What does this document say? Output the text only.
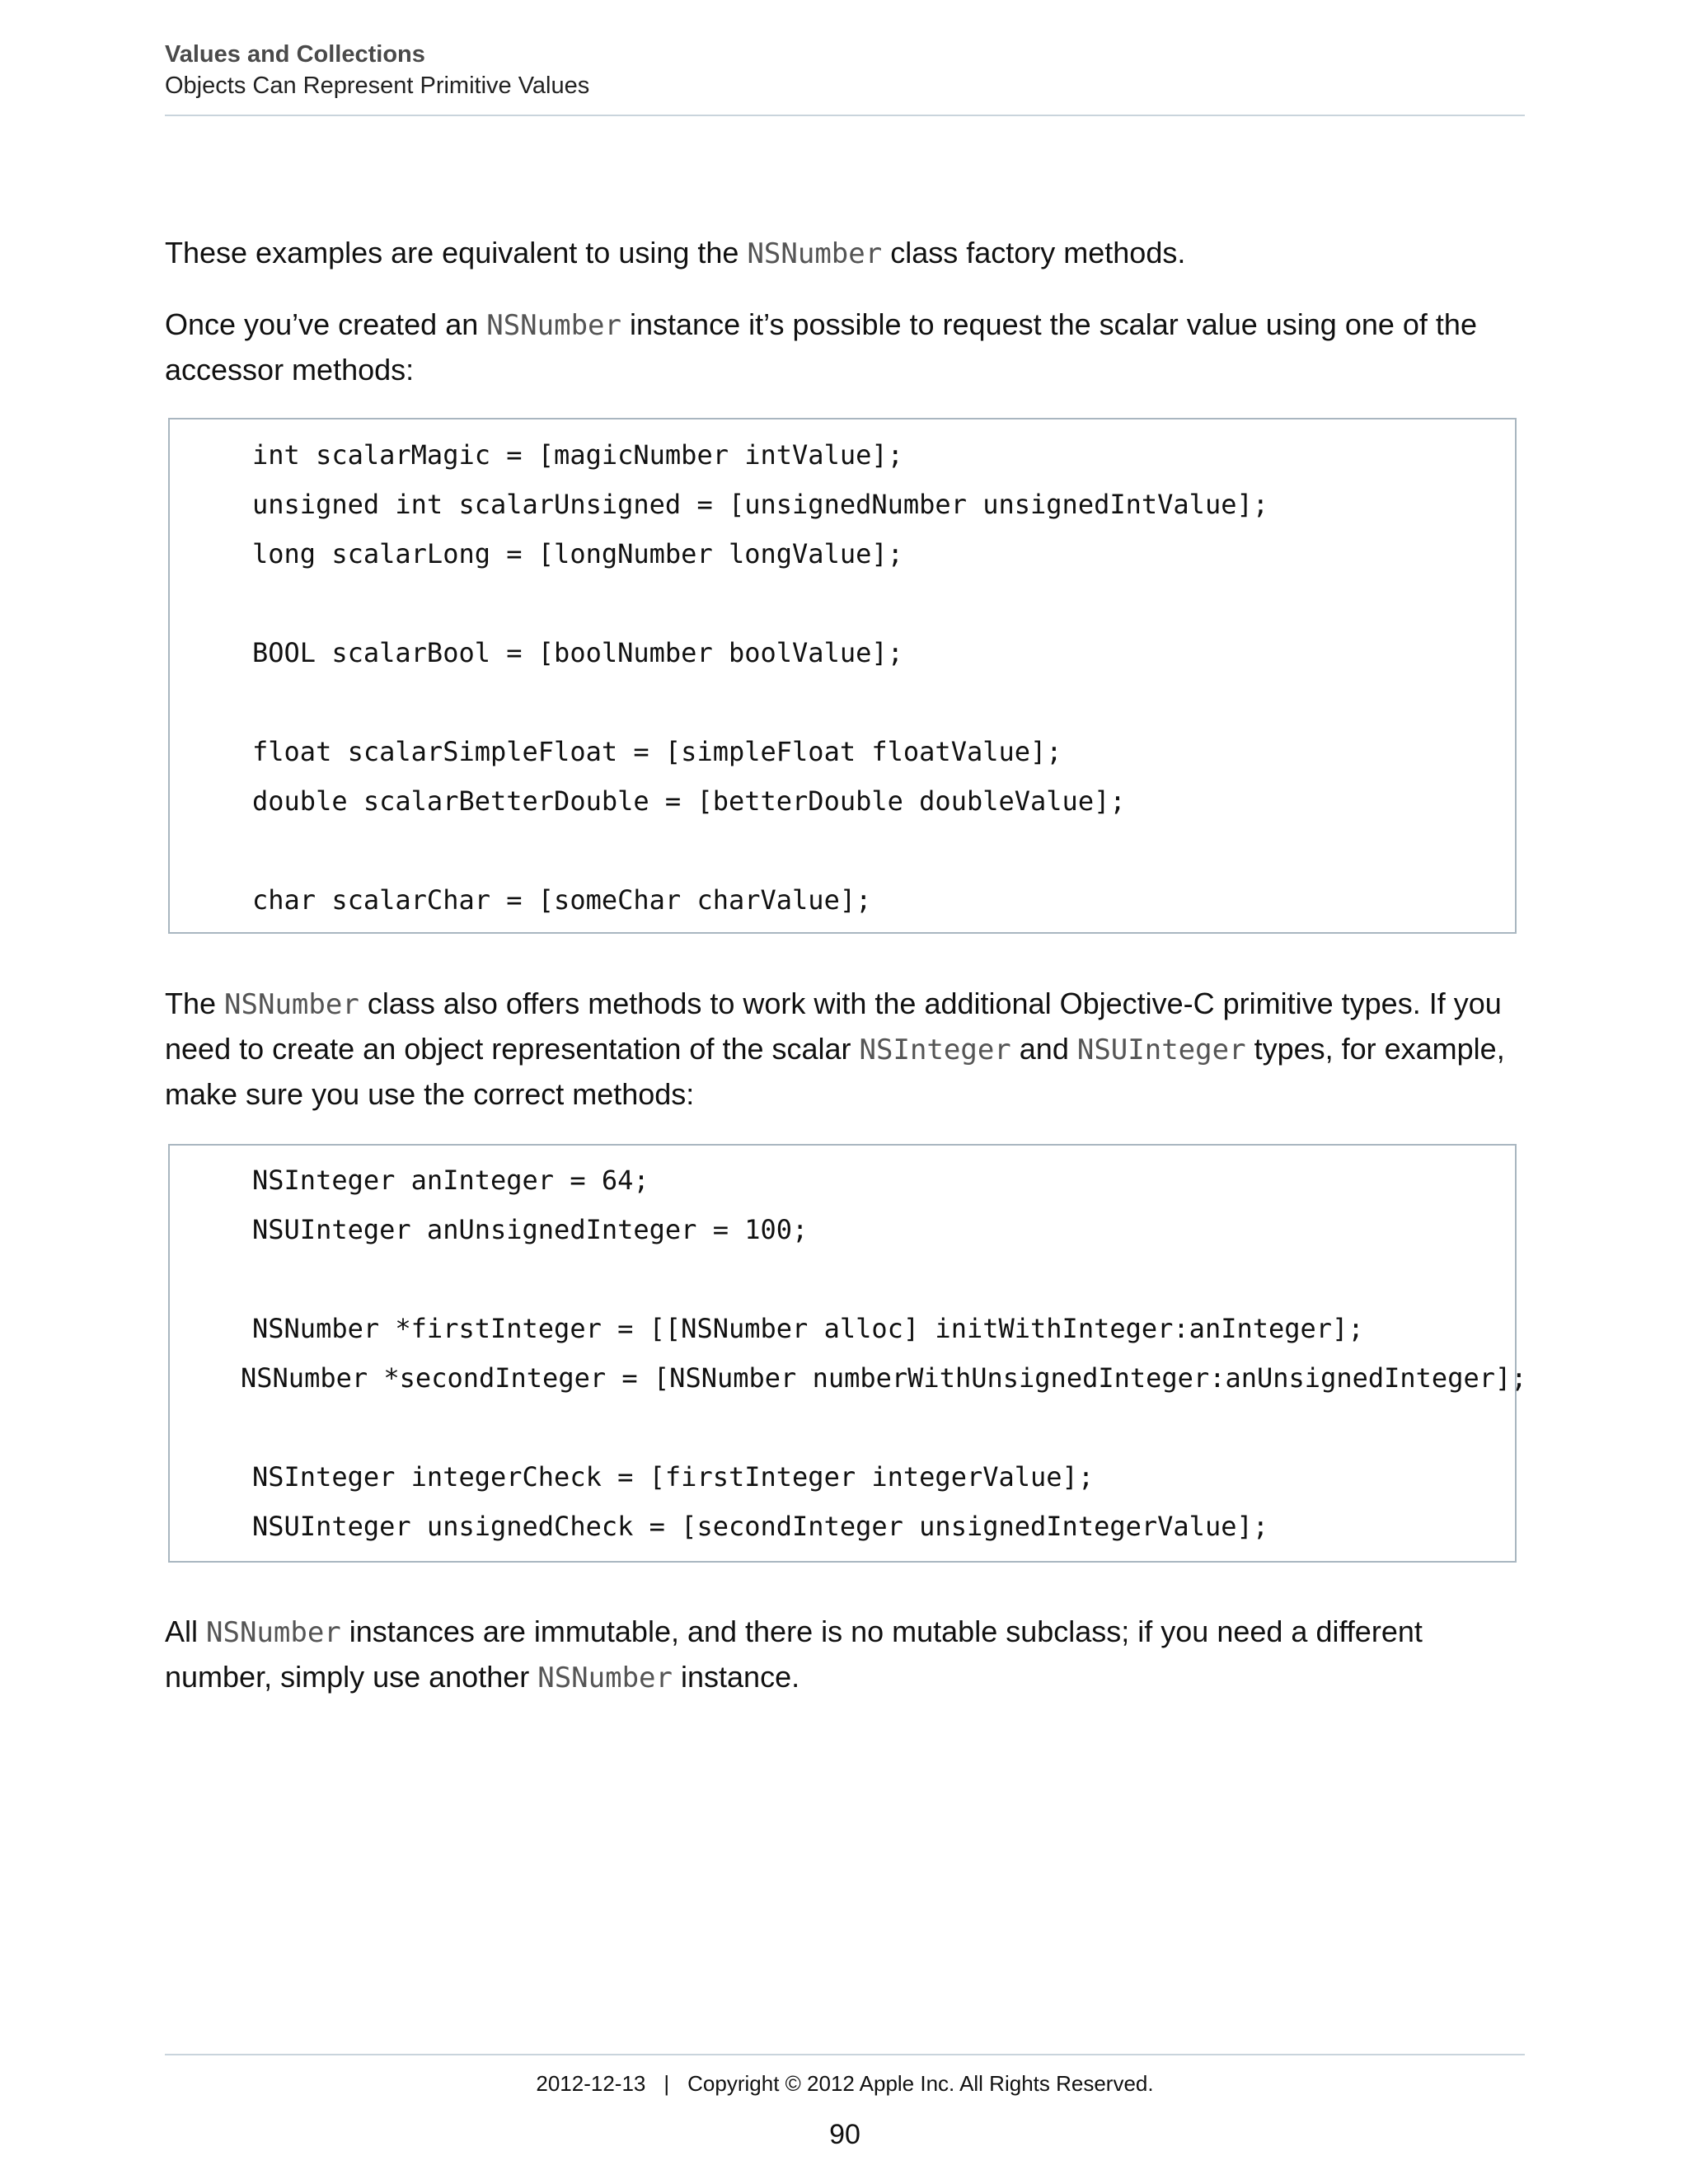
Values and Collections
Objects Can Represent Primitive Values

These examples are equivalent to using the NSNumber class factory methods.

Once you’ve created an NSNumber instance it’s possible to request the scalar value using one of the accessor methods:

int scalarMagic = [magicNumber intValue];
unsigned int scalarUnsigned = [unsignedNumber unsignedIntValue];
long scalarLong = [longNumber longValue];
BOOL scalarBool = [boolNumber boolValue];
float scalarSimpleFloat = [simpleFloat floatValue];
double scalarBetterDouble = [betterDouble doubleValue];
char scalarChar = [someChar charValue];

The NSNumber class also offers methods to work with the additional Objective-C primitive types. If you need to create an object representation of the scalar NSInteger and NSUInteger types, for example, make sure you use the correct methods:

NSInteger anInteger = 64;
NSUInteger anUnsignedInteger = 100;
NSNumber *firstInteger = [[NSNumber alloc] initWithInteger:anInteger];
NSNumber *secondInteger = [NSNumber numberWithUnsignedInteger:anUnsignedInteger];
NSInteger integerCheck = [firstInteger integerValue];
NSUInteger unsignedCheck = [secondInteger unsignedIntegerValue];

All NSNumber instances are immutable, and there is no mutable subclass; if you need a different number, simply use another NSNumber instance.

2012-12-13 | Copyright © 2012 Apple Inc. All Rights Reserved.
90
